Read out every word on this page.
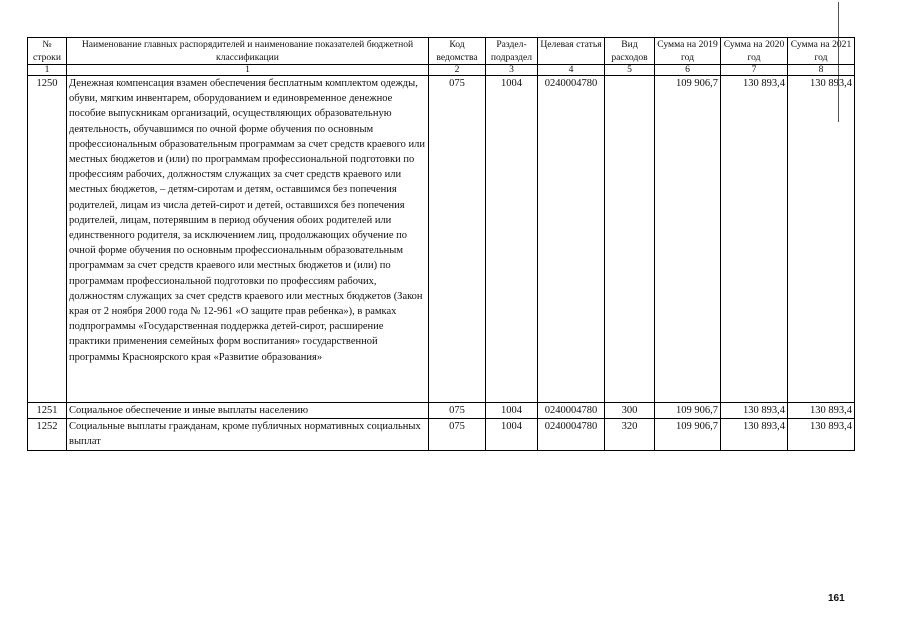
№ строки	Наименование главных распорядителей и наименование показателей бюджетной классификации	Код ведомства	Раздел-подраздел	Целевая статья	Вид расходов	Сумма на 2019 год	Сумма на 2020 год	Сумма на 2021 год
1	1	2	3	4	5	6	7	8
1250	Денежная компенсация взамен обеспечения бесплатным комплектом одежды, обуви, мягким инвентарем, оборудованием и единовременное денежное пособие выпускникам организаций, осуществляющих образовательную деятельность, обучавшимся по очной форме обучения по основным профессиональным образовательным программам за счет средств краевого или местных бюджетов и (или) по программам профессиональной подготовки по профессиям рабочих, должностям служащих за счет средств краевого или местных бюджетов, – детям-сиротам и детям, оставшимся без попечения родителей, лицам из числа детей-сирот и детей, оставшихся без попечения родителей, лицам, потерявшим в период обучения обоих родителей или единственного родителя, за исключением лиц, продолжающих обучение по очной форме обучения по основным профессиональным образовательным программам за счет средств краевого или местных бюджетов и (или) по программам профессиональной подготовки по профессиям рабочих, должностям служащих за счет средств краевого или местных бюджетов (Закон края от 2 ноября 2000 года № 12-961 «О защите прав ребенка»), в рамках подпрограммы «Государственная поддержка детей-сирот, расширение практики применения семейных форм воспитания» государственной программы Красноярского края «Развитие образования»	075	1004	0240004780		109 906,7	130 893,4	130 893,4
1251	Социальное обеспечение и иные выплаты населению	075	1004	0240004780	300	109 906,7	130 893,4	130 893,4
1252	Социальные выплаты гражданам, кроме публичных нормативных социальных выплат	075	1004	0240004780	320	109 906,7	130 893,4	130 893,4
161
